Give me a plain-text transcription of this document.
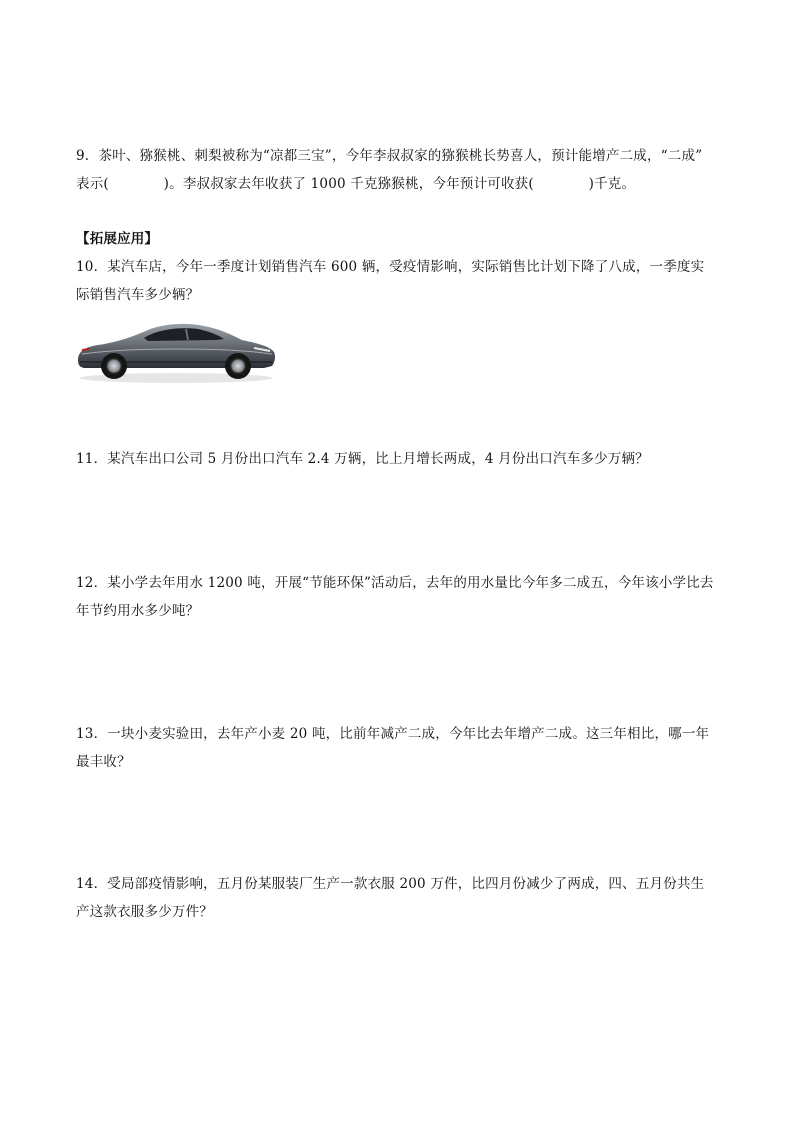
9．茶叶、猕猴桃、刺梨被称为“凉都三宝”，今年李叔叔家的猕猴桃长势喜人，预计能增产二成，“二成”
表示(　　　　)。李叔叔家去年收获了 1000 千克猕猴桃，今年预计可收获(　　　　)千克。
【拓展应用】
10．某汽车店，今年一季度计划销售汽车 600 辆，受疫情影响，实际销售比计划下降了八成，一季度实
际销售汽车多少辆？
11．某汽车出口公司 5 月份出口汽车 2.4 万辆，比上月增长两成，4 月份出口汽车多少万辆？
12．某小学去年用水 1200 吨，开展“节能环保”活动后，去年的用水量比今年多二成五，今年该小学比去
年节约用水多少吨？
13．一块小麦实验田，去年产小麦 20 吨，比前年减产二成，今年比去年增产二成。这三年相比，哪一年
最丰收？
14．受局部疫情影响，五月份某服装厂生产一款衣服 200 万件，比四月份减少了两成，四、五月份共生
产这款衣服多少万件？
